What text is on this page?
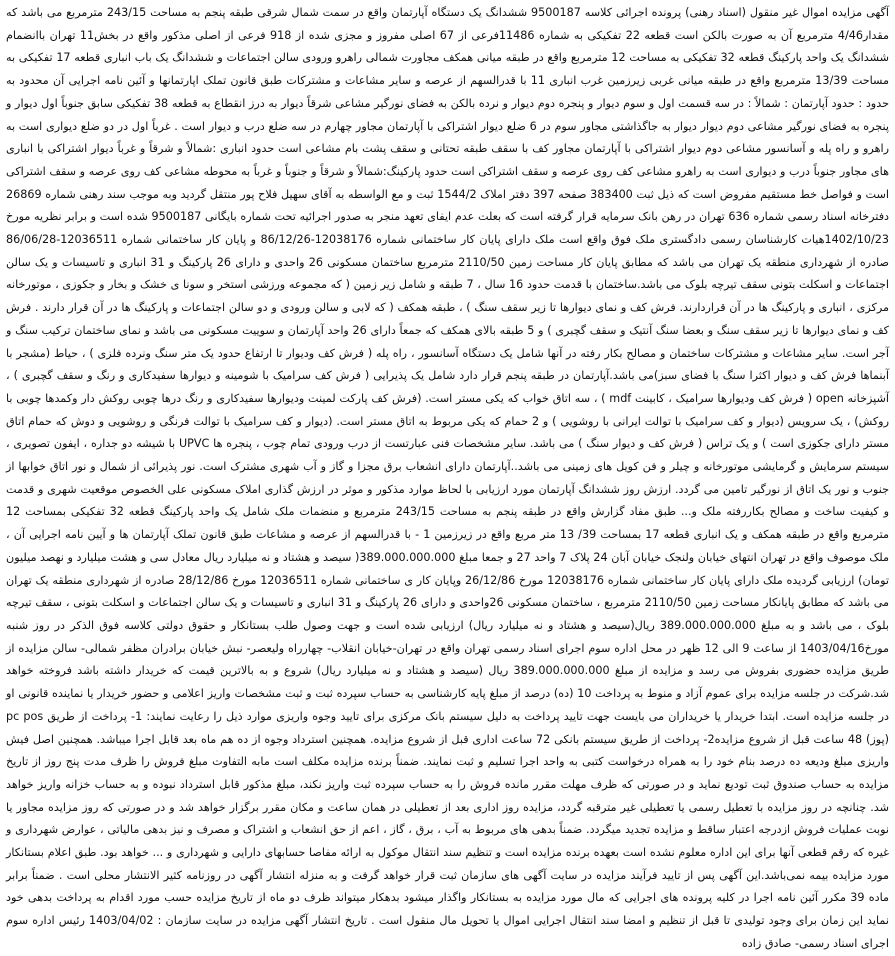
آگهی مزایده اموال غیر منقول (اسناد رهنی) پرونده اجرائی کلاسه 9500187 ششدانگ یک دستگاه آپارتمان واقع در سمت شمال شرقی طبقه پنجم به مساحت 243/15 مترمربع می باشد که مقدار4/46 مترمربع آن به صورت بالکن است قطعه 22 تفکیکی به شماره 11486فرعی از 67 اصلی مفروز و مجزی شده از 918 فرعی از اصلی مذکور واقع در بخش11 تهران باانضمام ششدانگ یک واحد پارکینگ قطعه 32 تفکیکی به مساحت 12 مترمربع واقع در طبقه میانی همکف مجاورت شمالی راهرو ورودی سالن اجتماعات و ششدانگ یک باب انباری قطعه 17 تفکیکی به مساحت 13/39 مترمربع واقع در طبقه میانی غربی زیرزمین غرب انباری 11 با قدرالسهم از عرصه و سایر مشاعات و مشترکات طبق قانون تملک اپارتمانها و آئین نامه اجرایی آن محدود به حدود : حدود آپارتمان : شمالاً : در سه قسمت اول و سوم دیوار و پنجره دوم دیوار و نرده بالکن به فضای نورگیر مشاعی شرقاً دیوار به درز انقطاع به قطعه 38 تفکیکی سابق جنوباً اول دیوار و پنجره به فضای نورگیر مشاعی دوم دیوار دیوار به جاگذاشتی مجاور سوم در 6 ضلع دیوار اشتراکی با آپارتمان مجاور چهارم در سه ضلع درب و دیوار است . غرباً اول در دو ضلع دیواری است به راهرو و راه پله و آسانسور مشاعی دوم دیوار اشتراکی با آپارتمان مجاور کف با سقف طبقه تحتانی و سقف پشت بام مشاعی است حدود انباری :شمالاً و شرقاً و غرباً دیوار اشتراکی با انباری های مجاور جنوباً درب و دیواری است به راهرو مشاعی کف روی عرصه و سقف اشتراکی است حدود پارکینگ:شمالاً و شرقاً و جنوباً و غرباً به محوطه مشاعی کف روی عرصه و سقف اشتراکی است و فواصل خط مستقیم مفروض است که ذیل ثبت 383400 صفحه 397 دفتر املاک 1544/2 ثبت و مع الواسطه به آقای سهیل فلاح پور منتقل گردید وبه موجب سند رهنی شماره 26869 دفترخانه اسناد رسمی شماره 636 تهران در رهن بانک سرمایه قرار گرفته است که بعلت عدم ایفای تعهد منجر به صدور اجرائیه تحت شماره بایگانی 9500187 شده است و برابر نظریه مورخ 1402/10/23هیات کارشناسان رسمی دادگستری ملک فوق واقع است ملک دارای پایان کار ساختمانی شماره 12038176-86/12/26 و پایان کار ساختمانی شماره 12036511-86/06/28 صادره از شهرداری منطقه یک تهران می باشد که مطابق پایان کار مساحت زمین 2110/50 مترمربع ساختمان مسکونی 26 واحدی و دارای 26 پارکینگ و 31 انباری و تاسیسات و یک سالن اجتماعات و اسکلت بتونی سقف تیرچه بلوک می باشد.ساختمان با قدمت حدود 16 سال ، 7 طبقه و شامل زیر زمین ( که مجموعه ورزشی استخر و سونا ی خشک و بخار و جکوزی ، موتورخانه مرکزی ، انباری و پارکینگ ها در آن قراردارند. فرش کف و نمای دیوارها تا زیر سقف سنگ ) ، طبقه همکف ( که لابی و سالن ورودی و دو سالن اجتماعات و پارکینگ ها در آن قرار دارند . فرش کف و نمای دیوارها تا زیر سقف سنگ و بعضا سنگ آنتیک و سقف گچبری ) و 5 طبقه بالای همکف که جمعاً دارای 26 واحد آپارتمان و سوییت مسکونی می باشد و نمای ساختمان ترکیب سنگ و آجر است. سایر مشاعات و مشترکات ساختمان و مصالح بکار رفته در آنها شامل یک دستگاه آسانسور ، راه پله ( فرش کف ودیوار تا ارتفاع حدود یک متر سنگ ونرده فلزی ) ، حیاط (مشجر با آبنماها فرش کف و دیوار اکثرا سنگ با فضای سبز)می باشد.آپارتمان در طبقه پنجم قرار دارد شامل یک پذیرایی ( فرش کف سرامیک با شومینه و دیوارها سفیدکاری و رنگ و سقف گچبری ) ، آشپزخانه open ( فرش کف ودیوارها سرامیک ، کابینت mdf ) ، سه اتاق خواب که یکی مستر است. (فرش کف پارکت لمینت ودیوارها سفیدکاری و رنگ درها چوبی روکش دار وکمدها چوبی با روکش) ، یک سرویس (دیوار و کف سرامیک با توالت ایرانی با روشویی ) و 2 حمام که یکی مربوط به اتاق مستر است. (دیوار و کف سرامیک با توالت فرنگی و روشویی و دوش که حمام اتاق مستر دارای جکوزی است ) و یک تراس ( فرش کف و دیوار سنگ ) می باشد. سایر مشخصات فنی عبارتست از درب ورودی تمام چوب ، پنجره ها UPVC با شیشه دو جداره ، ایفون تصویری ، سیستم سرمایش و گرمایشی موتورخانه و چیلر و فن کویل های زمینی می باشد..آپارتمان دارای انشعاب برق مجزا و گاز و آب شهری مشترک است. نور پذیرائی از شمال و نور اتاق خوابها از جنوب و نور یک اتاق از نورگیر تامین می گردد. ارزش روز ششدانگ آپارتمان مورد ارزیابی با لحاظ موارد مذکور و موثر در ارزش گذاری املاک مسکونی علی الخصوص موقعیت شهری و قدمت و کیفیت ساخت و مصالح بکاررفته ملک و... طبق مفاد گزارش واقع در طبقه پنجم به مساحت 243/15 مترمربع و منضمات ملک شامل یک واحد پارکینگ قطعه 32 تفکیکی بمساحت 12 مترمربع واقع در طبقه همکف و یک انباری قطعه 17 بمساحت 39/ 13 متر مربع واقع در زیرزمین 1 - با قدرالسهم از عرصه و مشاعات طبق قانون تملک آپارتمان ها و آیین نامه اجرایی آن ، ملک موصوف واقع در تهران انتهای خیابان ولنجک خیابان آبان 24 پلاک 7 واحد 27 و جمعا مبلغ 389.000.000.000( سیصد و هشتاد و نه میلیارد ریال معادل سی و هشت میلیارد و نهصد میلیون تومان) ارزیابی گردیده ملک دارای پایان کار ساختمانی شماره 12038176 مورخ 26/12/86 وپایان کار ی ساختمانی شماره 12036511 مورخ 28/12/86 صادره از شهرداری منطقه یک تهران می باشد که مطابق پایانکار مساحت زمین 2110/50 مترمربع ، ساختمان مسکونی 26واحدی و دارای 26 پارکینگ و 31 انباری و تاسیسات و یک سالن اجتماعات و اسکلت بتونی ، سقف تیرچه بلوک ، می باشد و به مبلغ 389.000.000.000 ریال(سیصد و هشتاد و نه میلیارد ریال) ارزیابی شده است و جهت وصول طلب بستانکار و حقوق دولتی کلاسه فوق الذکر در روز شنبه مورخ1403/04/16 از ساعت 9 الی 12 ظهر در محل اداره سوم اجرای اسناد رسمی تهران واقع در تهران-خیابان انقلاب- چهارراه ولیعصر- نبش خیابان برادران مظفر شمالی- سالن مزایده از طریق مزایده حضوری بفروش می رسد و مزایده از مبلغ 389.000.000.000 ریال (سیصد و هشتاد و نه میلیارد ریال) شروع و به بالاترین قیمت که خریدار داشته باشد فروخته خواهد شد.شرکت در جلسه مزایده برای عموم آزاد و منوط به پرداخت 10 (ده) درصد از مبلغ پایه کارشناسی به حساب سپرده ثبت و ثبت مشخصات واریز اعلامی و حضور خریدار یا نماینده قانونی او در جلسه مزایده است. ابتدا خریدار یا خریداران می بایست جهت تایید پرداخت به دلیل سیستم بانک مرکزی برای تایید وجوه واریزی موارد ذیل را رعایت نمایند: 1- پرداخت از طریق pc pos (پوز) 48 ساعت قبل از شروع مزایده2- پرداخت از طریق سیستم بانکی 72 ساعت اداری قبل از شروع مزایده. همچنین استرداد وجوه از ده هم ماه بعد قابل اجرا میباشد. همچنین اصل فیش واریزی مبلغ ودیعه ده درصد بنام خود را به همراه درخواست کتبی به واحد اجرا تسلیم و ثبت نمایند. ضمناً برنده مزایده مکلف است مابه التفاوت مبلغ فروش را ظرف مدت پنج روز از تاریخ مزایده به حساب صندوق ثبت تودیع نماید و در صورتی که ظرف مهلت مقرر مانده فروش را به حساب سپرده ثبت واریز نکند، مبلغ مذکور قابل استرداد نبوده و به حساب خزانه واریز خواهد شد. چنانچه در روز مزایده با تعطیل رسمی یا تعطیلی غیر مترقبه گردد، مزایده روز اداری بعد از تعطیلی در همان ساعت و مکان مقرر برگزار خواهد شد و در صورتی که روز مزایده مجاور یا نوبت عملیات فروش ازدرجه اعتبار ساقط و مزایده تجدید میگردد. ضمناً بدهی های مربوط به آب ، برق ، گاز ، اعم از حق انشعاب و اشتراک و مصرف و نیز بدهی مالیاتی ، عوارض شهرداری و غیره که رقم قطعی آنها برای این اداره معلوم نشده است بعهده برنده مزایده است و تنظیم سند انتقال موکول به ارائه مفاصا حسابهای دارایی و شهرداری و ... خواهد بود. طبق اعلام بستانکار مورد مزایده بیمه نمی‌باشد.این آگهی پس از تایید فرآیند مزایده در سایت آگهی های سازمان ثبت قرار خواهد گرفت و به منزله انتشار آگهی در روزنامه کثیر الانتشار محلی است . ضمناً برابر ماده 39 مکرر آئین نامه اجرا در کلیه پرونده های اجرایی که مال مورد مزایده به بستانکار واگذار میشود بدهکار میتواند ظرف دو ماه از تاریخ مزایده حسب مورد اقدام به پرداخت بدهی خود نماید این زمان برای وجود تولیدی تا قبل از تنظیم و امضا سند انتقال اجرایی اموال یا تحویل مال منقول است . تاریخ انتشار آگهی مزایده در سایت سازمان : 1403/04/02 رئیس اداره سوم اجرای اسناد رسمی- صادق زاده
